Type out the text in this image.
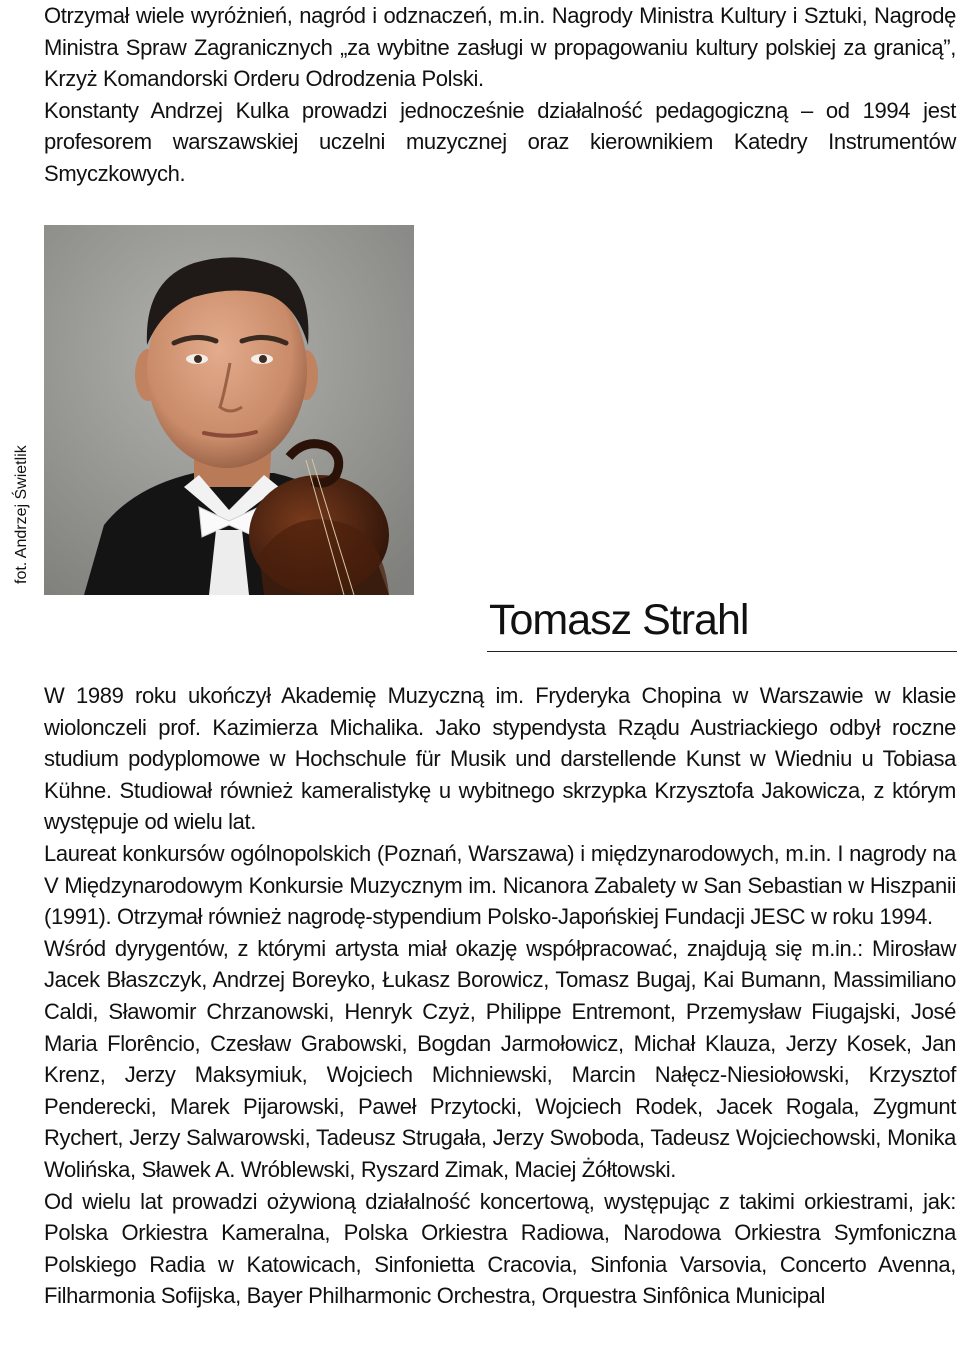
Otrzymał wiele wyróżnień, nagród i odznaczeń, m.in. Nagrody Ministra Kultury i Sztuki, Nagrodę Ministra Spraw Zagranicznych „za wybitne zasługi w propagowaniu kultury polskiej za granicą”, Krzyż Komandorski Orderu Odrodzenia Polski.

Konstanty Andrzej Kulka prowadzi jednocześnie działalność pedagogiczną – od 1994 jest profesorem warszawskiej uczelni muzycznej oraz kierownikiem Katedry Instrumentów Smyczkowych.

fot. Andrzej Świetlik
Tomasz Strahl

W 1989 roku ukończył Akademię Muzyczną im. Fryderyka Chopina w Warszawie w klasie wiolonczeli prof. Kazimierza Michalika. Jako stypendysta Rządu Austriackiego odbył roczne studium podyplomowe w Hochschule für Musik und darstellende Kunst w Wiedniu u Tobiasa Kühne. Studiował również kameralistykę u wybitnego skrzypka Krzysztofa Jakowicza, z którym występuje od wielu lat.

Laureat konkursów ogólnopolskich (Poznań, Warszawa) i międzynarodowych, m.in. I nagrody na V Międzynarodowym Konkursie Muzycznym im. Nicanora Zabalety w San Sebastian w Hiszpanii (1991). Otrzymał również nagrodę-stypendium Polsko-Japońskiej Fundacji JESC w roku 1994.

Wśród dyrygentów, z którymi artysta miał okazję współpracować, znajdują się m.in.: Mirosław Jacek Błaszczyk, Andrzej Boreyko, Łukasz Borowicz, Tomasz Bugaj, Kai Bumann, Massimiliano Caldi, Sławomir Chrzanowski, Henryk Czyż, Philippe Entremont, Przemysław Fiugajski, José Maria Florêncio, Czesław Grabowski, Bogdan Jarmołowicz, Michał Klauza, Jerzy Kosek, Jan Krenz, Jerzy Maksymiuk, Wojciech Michniewski, Marcin Nałęcz-Niesiołowski, Krzysztof Penderecki, Marek Pijarowski, Paweł Przytocki, Wojciech Rodek, Jacek Rogala, Zygmunt Rychert, Jerzy Salwarowski, Tadeusz Strugała, Jerzy Swoboda, Tadeusz Wojciechowski, Monika Wolińska, Sławek A. Wróblewski, Ryszard Zimak, Maciej Żółtowski.

Od wielu lat prowadzi ożywioną działalność koncertową, występując z takimi orkiestrami, jak: Polska Orkiestra Kameralna, Polska Orkiestra Radiowa, Narodowa Orkiestra Symfoniczna Polskiego Radia w Katowicach, Sinfonietta Cracovia, Sinfonia Varsovia, Concerto Avenna, Filharmonia Sofijska, Bayer Philharmonic Orchestra, Orquestra Sinfônica Municipal
